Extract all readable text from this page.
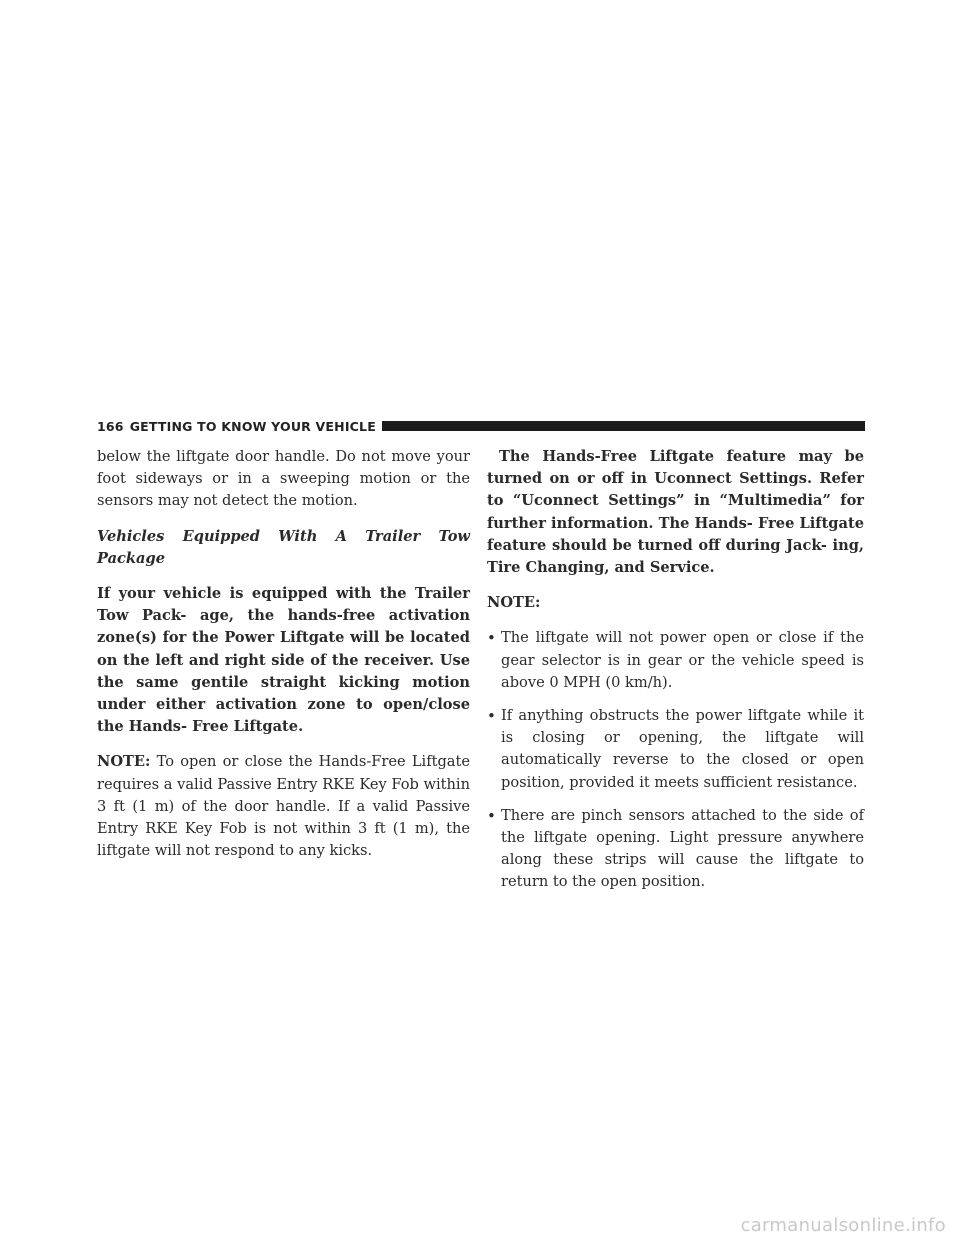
166 GETTING TO KNOW YOUR VEHICLE

below the liftgate door handle. Do not move your foot sideways or in a sweeping motion or the sensors may not detect the motion.

Vehicles Equipped With A Trailer Tow Package

If your vehicle is equipped with the Trailer Tow Pack- age, the hands-free activation zone(s) for the Power Liftgate will be located on the left and right side of the receiver. Use the same gentile straight kicking motion under either activation zone to open/close the Hands- Free Liftgate.

NOTE: To open or close the Hands-Free Liftgate requires a valid Passive Entry RKE Key Fob within 3 ft (1 m) of the door handle. If a valid Passive Entry RKE Key Fob is not within 3 ft (1 m), the liftgate will not respond to any kicks.

The Hands-Free Liftgate feature may be turned on or off in Uconnect Settings. Refer to “Uconnect Settings” in “Multimedia” for further information. The Hands- Free Liftgate feature should be turned off during Jack- ing, Tire Changing, and Service.

NOTE:

• The liftgate will not power open or close if the gear selector is in gear or the vehicle speed is above 0 MPH (0 km/h).
• If anything obstructs the power liftgate while it is closing or opening, the liftgate will automatically reverse to the closed or open position, provided it meets sufficient resistance.
• There are pinch sensors attached to the side of the liftgate opening. Light pressure anywhere along these strips will cause the liftgate to return to the open position.
carmanualsonline.info
